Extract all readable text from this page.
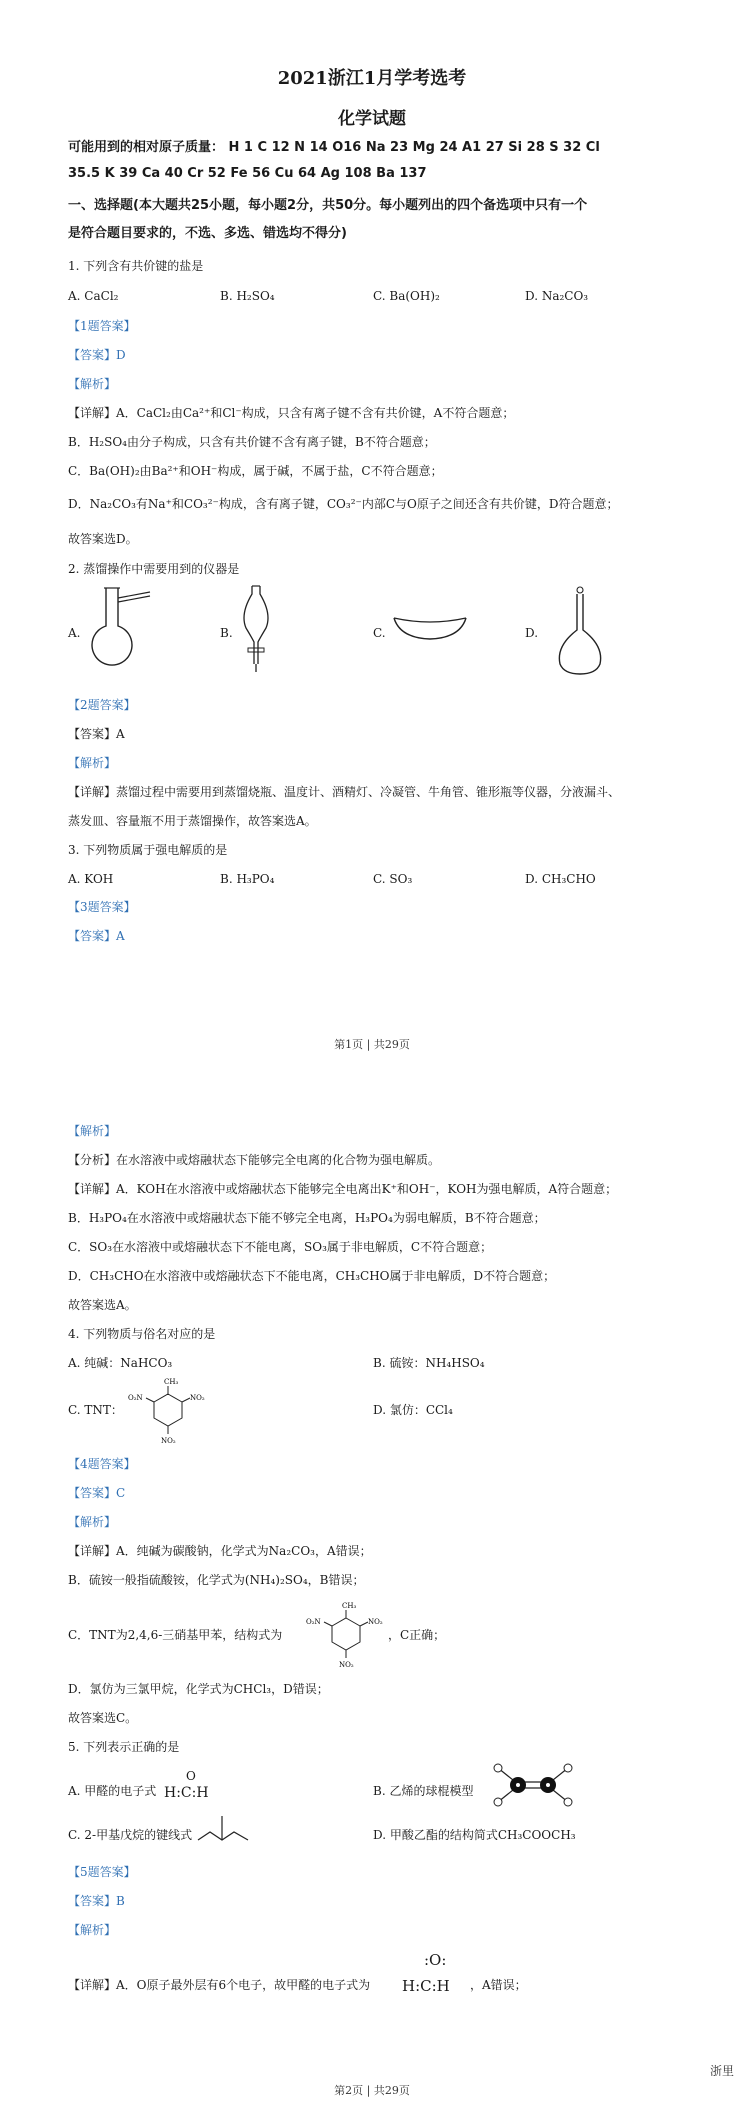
2021浙江1月学考选考
化学试题
可能用到的相对原子质量： H 1 C 12 N 14 O16 Na 23 Mg 24 A1 27 Si 28 S 32 Cl
35.5 K 39 Ca 40 Cr 52 Fe 56 Cu 64 Ag 108 Ba 137
一、选择题(本大题共25小题，每小题2分，共50分。每小题列出的四个备选项中只有一个
是符合题目要求的，不选、多选、错选均不得分)
1. 下列含有共价键的盐是
A. CaCl₂	B. H₂SO₄	C. Ba(OH)₂	D. Na₂CO₃
【1题答案】
【答案】D
【解析】
【详解】A．CaCl₂由Ca²⁺和Cl⁻构成，只含有离子键不含有共价键，A不符合题意；
B．H₂SO₄由分子构成，只含有共价键不含有离子键，B不符合题意；
C．Ba(OH)₂由Ba²⁺和OH⁻构成，属于碱，不属于盐，C不符合题意；
D．Na₂CO₃有Na⁺和CO₃²⁻构成，含有离子键，CO₃²⁻内部C与O原子之间还含有共价键，D符合题意；
故答案选D。
2. 蒸馏操作中需要用到的仪器是
A.	B.	C.	D.
【2题答案】
【答案】A
【解析】
【详解】蒸馏过程中需要用到蒸馏烧瓶、温度计、酒精灯、冷凝管、牛角管、锥形瓶等仪器，分液漏斗、
蒸发皿、容量瓶不用于蒸馏操作，故答案选A。
3. 下列物质属于强电解质的是
A. KOH	B. H₃PO₄	C. SO₃	D. CH₃CHO
【3题答案】
【答案】A
第1页 | 共29页
【解析】
【分析】在水溶液中或熔融状态下能够完全电离的化合物为强电解质。
【详解】A．KOH在水溶液中或熔融状态下能够完全电离出K⁺和OH⁻，KOH为强电解质，A符合题意；
B．H₃PO₄在水溶液中或熔融状态下能不够完全电离，H₃PO₄为弱电解质，B不符合题意；
C．SO₃在水溶液中或熔融状态下不能电离，SO₃属于非电解质，C不符合题意；
D．CH₃CHO在水溶液中或熔融状态下不能电离，CH₃CHO属于非电解质，D不符合题意；
故答案选A。
4. 下列物质与俗名对应的是
A. 纯碱：NaHCO₃	B. 硫铵：NH₄HSO₄
C. TNT：	D. 氯仿：CCl₄
CH₃
O₂N	NO₂
NO₂
【4题答案】
【答案】C
【解析】
【详解】A．纯碱为碳酸钠，化学式为Na₂CO₃，A错误；
B．硫铵一般指硫酸铵，化学式为(NH₄)₂SO₄，B错误；
C．TNT为2,4,6-三硝基甲苯，结构式为
CH₃
O₂N	NO₂
NO₂
，C正确；
D．氯仿为三氯甲烷，化学式为CHCl₃，D错误；
故答案选C。
5. 下列表示正确的是
A. 甲醛的电子式
O
H:C:H	B. 乙烯的球棍模型
C. 2-甲基戊烷的键线式	D. 甲酸乙酯的结构简式CH₃COOCH₃
【5题答案】
【答案】B
【解析】
【详解】A．O原子最外层有6个电子，故甲醛的电子式为
:O:
H:C:H ，A错误；
浙里
第2页 | 共29页
